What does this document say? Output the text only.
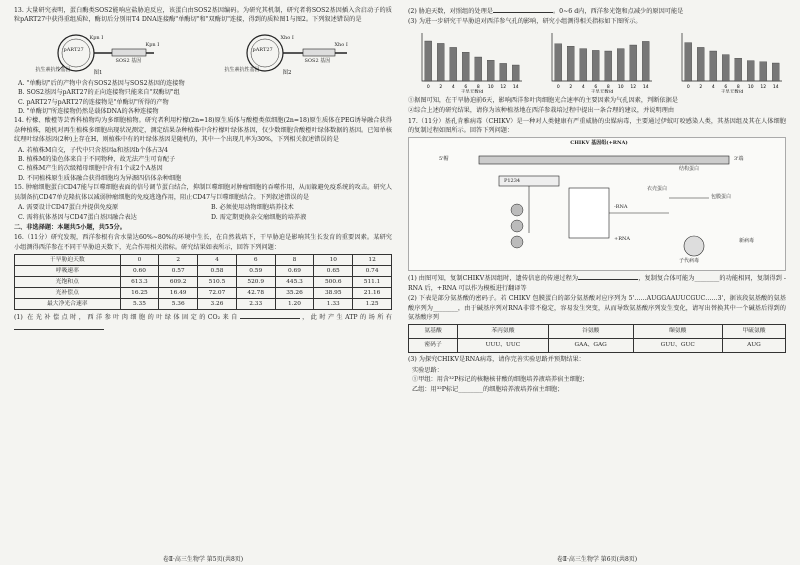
13. 大量研究表明，蛋白酶类SOS2能响应盐胁迫反应，该蛋白由SOS2基因编码。为研究其机制，研究者将SOS2基因插入含启动子的质粒pART27中获得重组质粒，酶切后分别用T4 DNA连接酶"单酶切"和"双酶切"连接，得到的质粒图1与图2。下列叙述错误的是

pART27
Kpn Ⅰ
SOS2 基因
Kpn Ⅰ
抗生素抗性基因
图1
pART27
Xho Ⅰ
SOS2 基因
Xho Ⅰ
抗生素抗性基因
图2

A. "单酶切"后的产物中含有SOS2基因与SOS2基因的连接物

B. SOS2基因与pART27的正向连接物只能来自"双酶切"组

C. pART27与pART27的连接物是"单酶切"所得的产物

D. "单酶切"所连接物仍然是载体DNA的各种连接物

14. 柠檬、酸橙等芸香科植物均为多细胞植物。研究者利用柠檬(2n=18)原生质体与酸橙类似细胞(2n=18)原生质体在PEG诱导融合获得杂种植株，随机对再生植株多细胞出现状况测定，测定结果杂种植株中含柠檬叶绿体基因，仅少数细胞含酸橙叶绿体数据的基因。已知单核纹理叶绿体基因(2种)上存在H，则植株中有的叶绿体基因是随机的，其中一个出现几率为30%，下列相关叙述错误的是

A. 若植株M自交，子代中只含基因a和基因b个体占3/4

B. 植株M的染色体来自于不同物种，故无法产生可育配子

C. 植株M产生的次级精母细胞中含有1个或2个A基因

D. 不同植株原生质体融合获得细胞均为异源四倍体杂种细胞

15. 肿瘤细胞蛋白CD47能与巨噬细胞表面的信号调节蛋白结合，抑制巨噬细胞对肿瘤细胞的吞噬作用，从而躲避免疫系统的攻击。研究人员制备抗CD47单克隆抗体以减弱肿瘤细胞的免疫逃逸作用，阻止CD47与巨噬细胞结合。下列叙述错误的是

A. 需要设计CD47蛋白并提供免疫原	B. 必须使用动物细胞培养技术

C. 需将抗体基因与CD47蛋白基因融合表达	D. 需定期更换杂交瘤细胞的培养液

二、非选择题：本题共5小题，共55分。

16.（11分）研究发现，西洋参根有含水量达60%~80%的环境中生长，在自然栽培下，干旱胁迫是影响其生长发育的重要因素。某研究小组测得西洋参在不同干旱胁迫天数下，光合作用相关指标。研究结果如表所示，回答下列问题：

干旱胁迫天数	0	2	4	6	8	10	12
呼吸速率	0.60	0.57	0.58	0.59	0.69	0.65	0.74
光饱和点	613.3	609.2	510.5	520.9	445.3	500.6	511.1
光补偿点	16.25	16.49	72.07	42.78	35.26	38.95	21.16
最大净光合速率	5.35	5.36	3.26	2.33	1.20	1.33	1.25

(1) 在光补偿点时，西洋参叶肉细胞的叶绿体固定的CO₂来自	，此时产生ATP的场所有

卷Ⅱ·高三生物学 第5页(共8页)

(2) 胁迫天数，对照组的处理是	。0~6 d内，西洋参光饱和点减少的原因可能是

(3) 为进一步研究干旱胁迫对西洋参气孔的影响，研究小组测得相关指标如下图所示。

0 2 4 6 8 10 12 14
干旱天数/d
0 2 4 6 8 10 12 14
干旱天数/d
0 2 4 6 8 10 12 14
干旱天数/d

①据图可知，在干旱胁迫前6天，影响西洋参叶肉细胞光合速率的主要因素为气孔因素，判断依据是

②综合上述的研究结果，请你为该种植基地在西洋参栽培过程中提出一条合理的建议，并说明理由

17.（11分）基孔肯雅病毒（CHIKV）是一种对人类健康有严重威胁的虫媒病毒，主要通过伊蚊叮咬感染人类，其基因组及其在人体细胞的复制过程如图所示。回答下列问题：

CHIKV 基因组(+RNA)
5'帽
P1234
结构蛋白
3'端
衣壳蛋白
包膜蛋白
-RNA
+RNA
子代病毒
新病毒

(1) 由图可知，复制CHIKV基因组时，遗传信息的传递过程为	，复制复合体可能为________的功能相同，复制得到 -RNA 后，+RNA 可以作为模板进行翻译等

(2) 下表是部分氨基酸的密码子。若 CHIKV 包膜蛋白的部分氨基酸对应序列为 5'……AUGGAAUUCGUC……3'，据该段氨基酸的氨基酸序列为________，由于碱基序列对RNA非常不稳定，容易发生突变，从而导致氨基酸序列发生变化，请写出替换其中一个碱基后得到的氨基酸序列

氨基酸	苯丙氨酸	谷氨酸	缬氨酸	甲硫氨酸
密码子	UUU、UUC	GAA、GAG	GUU、GUC	AUG

(3) 为探究CHIKV是RNA病毒，请你完善实验思路并预期结果：

实验思路：

①甲组：用含³²P标记的核糖核苷酸的细胞培养液培养宿主细胞；

乙组：用³²P标记________的细胞培养液培养宿主细胞；

卷Ⅱ·高三生物学 第6页(共8页)
